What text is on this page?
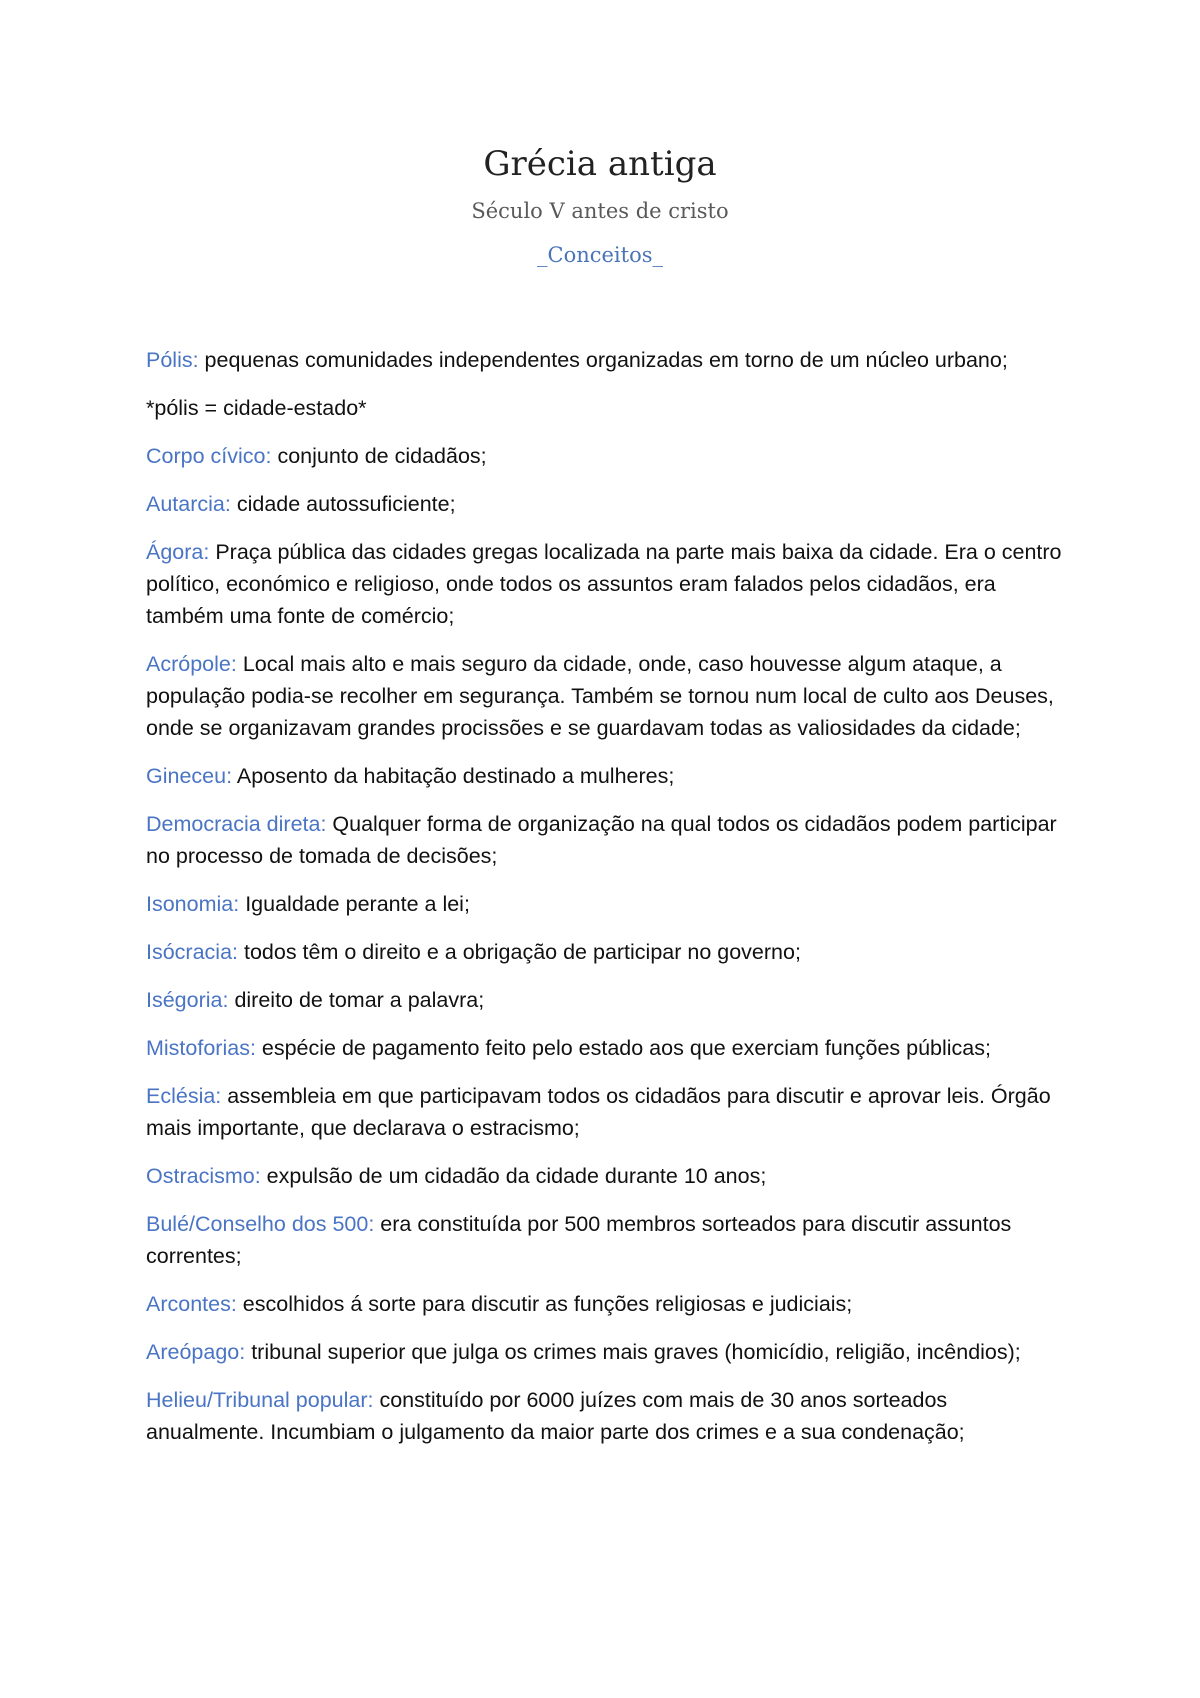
Grécia antiga
Século V antes de cristo
_Conceitos_

Pólis: pequenas comunidades independentes organizadas em torno de um núcleo urbano;

*pólis = cidade-estado*

Corpo cívico: conjunto de cidadãos;

Autarcia: cidade autossuficiente;

Ágora: Praça pública das cidades gregas localizada na parte mais baixa da cidade. Era o centro político, económico e religioso, onde todos os assuntos eram falados pelos cidadãos, era também uma fonte de comércio;

Acrópole: Local mais alto e mais seguro da cidade, onde, caso houvesse algum ataque, a população podia-se recolher em segurança. Também se tornou num local de culto aos Deuses, onde se organizavam grandes procissões e se guardavam todas as valiosidades da cidade;

Gineceu: Aposento da habitação destinado a mulheres;

Democracia direta: Qualquer forma de organização na qual todos os cidadãos podem participar no processo de tomada de decisões;

Isonomia: Igualdade perante a lei;

Isócracia: todos têm o direito e a obrigação de participar no governo;

Iségoria: direito de tomar a palavra;

Mistoforias: espécie de pagamento feito pelo estado aos que exerciam funções públicas;

Eclésia: assembleia em que participavam todos os cidadãos para discutir e aprovar leis. Órgão mais importante, que declarava o estracismo;

Ostracismo: expulsão de um cidadão da cidade durante 10 anos;

Bulé/Conselho dos 500: era constituída por 500 membros sorteados para discutir assuntos correntes;

Arcontes: escolhidos á sorte para discutir as funções religiosas e judiciais;

Areópago: tribunal superior que julga os crimes mais graves (homicídio, religião, incêndios);

Helieu/Tribunal popular: constituído por 6000 juízes com mais de 30 anos sorteados anualmente. Incumbiam o julgamento da maior parte dos crimes e a sua condenação;
